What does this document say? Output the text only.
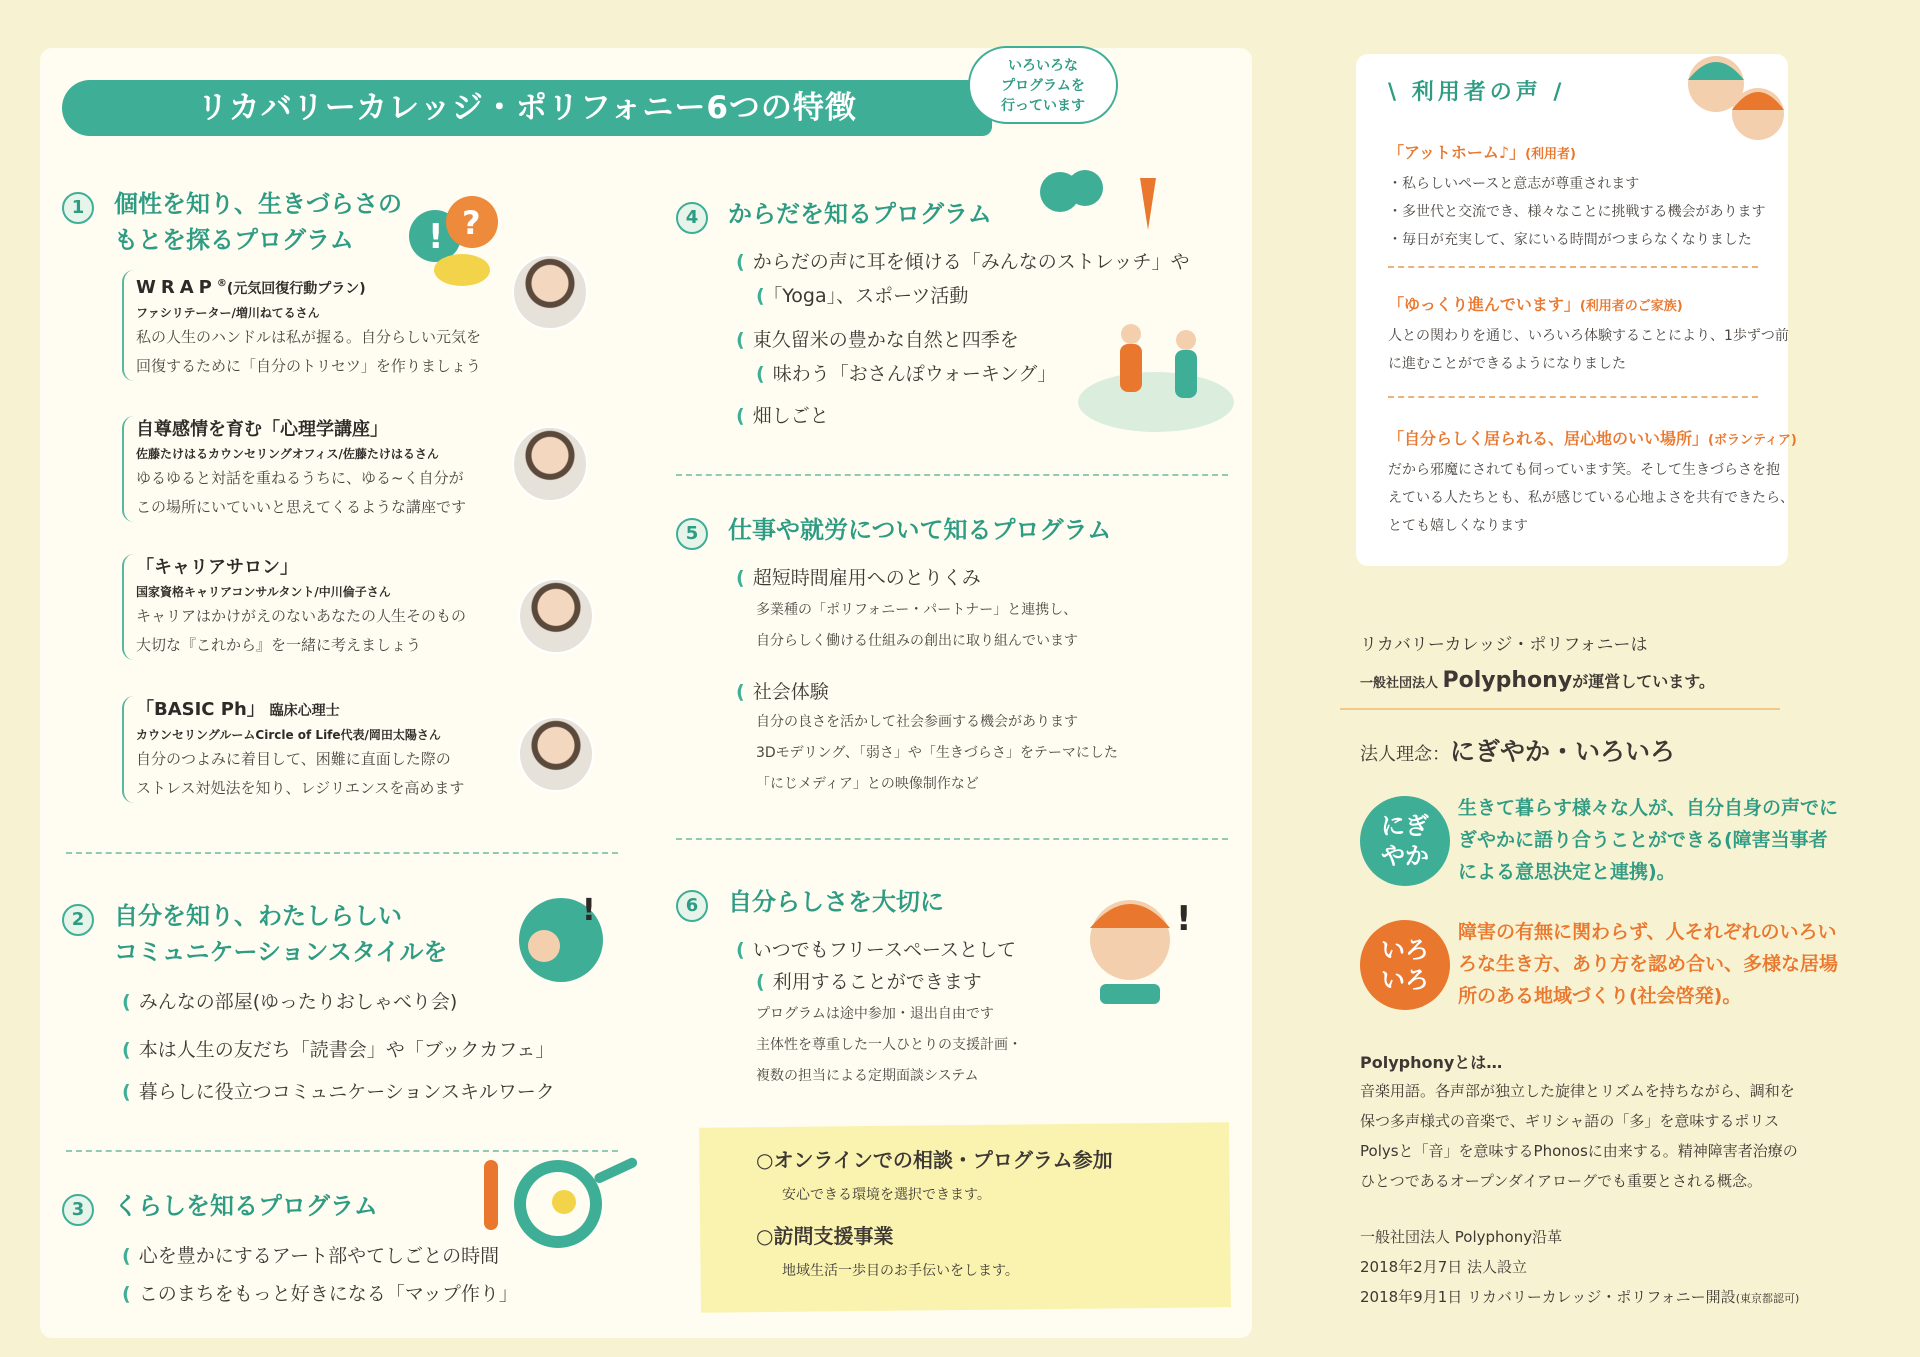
リカバリーカレッジ・ポリフォニー6つの特徴
いろいろな
プログラムを
行っています
1	個性を知り、生きづらさの
もとを探るプログラム	! ?
WRAP®(元気回復行動プラン)
ファシリテーター/増川ねてるさん
私の人生のハンドルは私が握る。自分らしい元気を
回復するために「自分のトリセツ」を作りましょう
自尊感情を育む「心理学講座」
佐藤たけはるカウンセリングオフィス/佐藤たけはるさん
ゆるゆると対話を重ねるうちに、ゆる~く自分が
この場所にいていいと思えてくるような講座です
「キャリアサロン」
国家資格キャリアコンサルタント/中川倫子さん
キャリアはかけがえのないあなたの人生そのもの
大切な『これから』を一緒に考えましょう
「BASIC Ph」 臨床心理士
カウンセリングルームCircle of Life代表/岡田太陽さん
自分のつよみに着目して、困難に直面した際の
ストレス対処法を知り、レジリエンスを高めます
2	自分を知り、わたしらしい
コミュニケーションスタイルを
!
( みんなの部屋(ゆったりおしゃべり会)
( 本は人生の友だち「読書会」や「ブックカフェ」
( 暮らしに役立つコミュニケーションスキルワーク
3	くらしを知るプログラム
( 心を豊かにするアート部やてしごとの時間
( このまちをもっと好きになる「マップ作り」
4	からだを知るプログラム
( からだの声に耳を傾ける「みんなのストレッチ」や
( 「Yoga」、スポーツ活動
( 東久留米の豊かな自然と四季を
( 味わう「おさんぽウォーキング」
( 畑しごと
5	仕事や就労について知るプログラム
( 超短時間雇用へのとりくみ
多業種の「ポリフォニー・パートナー」と連携し、
自分らしく働ける仕組みの創出に取り組んでいます
( 社会体験
自分の良さを活かして社会参画する機会があります
3Dモデリング、「弱さ」や「生きづらさ」をテーマにした
「にじメディア」との映像制作など
6	自分らしさを大切に
( いつでもフリースペースとして
( 利用することができます
プログラムは途中参加・退出自由です
主体性を尊重した一人ひとりの支援計画・
複数の担当による定期面談システム
!
○オンラインでの相談・プログラム参加
安心できる環境を選択できます。
○訪問支援事業
地域生活一歩目のお手伝いをします。
\ 利用者の声 /
「アットホーム♪」(利用者)
・私らしいペースと意志が尊重されます
・多世代と交流でき、様々なことに挑戦する機会があります
・毎日が充実して、家にいる時間がつまらなくなりました
「ゆっくり進んでいます」(利用者のご家族)
人との関わりを通じ、いろいろ体験することにより、1歩ずつ前
に進むことができるようになりました
「自分らしく居られる、居心地のいい場所」(ボランティア)
だから邪魔にされても伺っています笑。そして生きづらさを抱
えている人たちとも、私が感じている心地よさを共有できたら、
とても嬉しくなります
リカバリーカレッジ・ポリフォニーは
一般社団法人 Polyphonyが運営しています。
法人理念：にぎやか・いろいろ
にぎ
やか
生きて暮らす様々な人が、自分自身の声でに
ぎやかに語り合うことができる(障害当事者
による意思決定と連携)。
いろ
いろ
障害の有無に関わらず、人それぞれのいろい
ろな生き方、あり方を認め合い、多様な居場
所のある地域づくり(社会啓発)。
Polyphonyとは…
音楽用語。各声部が独立した旋律とリズムを持ちながら、調和を
保つ多声様式の音楽で、ギリシャ語の「多」を意味するポリス
Polysと「音」を意味するPhonosに由来する。精神障害者治療の
ひとつであるオープンダイアローグでも重要とされる概念。
一般社団法人 Polyphony沿革
2018年2月7日 法人設立
2018年9月1日 リカバリーカレッジ・ポリフォニー開設(東京都認可)
